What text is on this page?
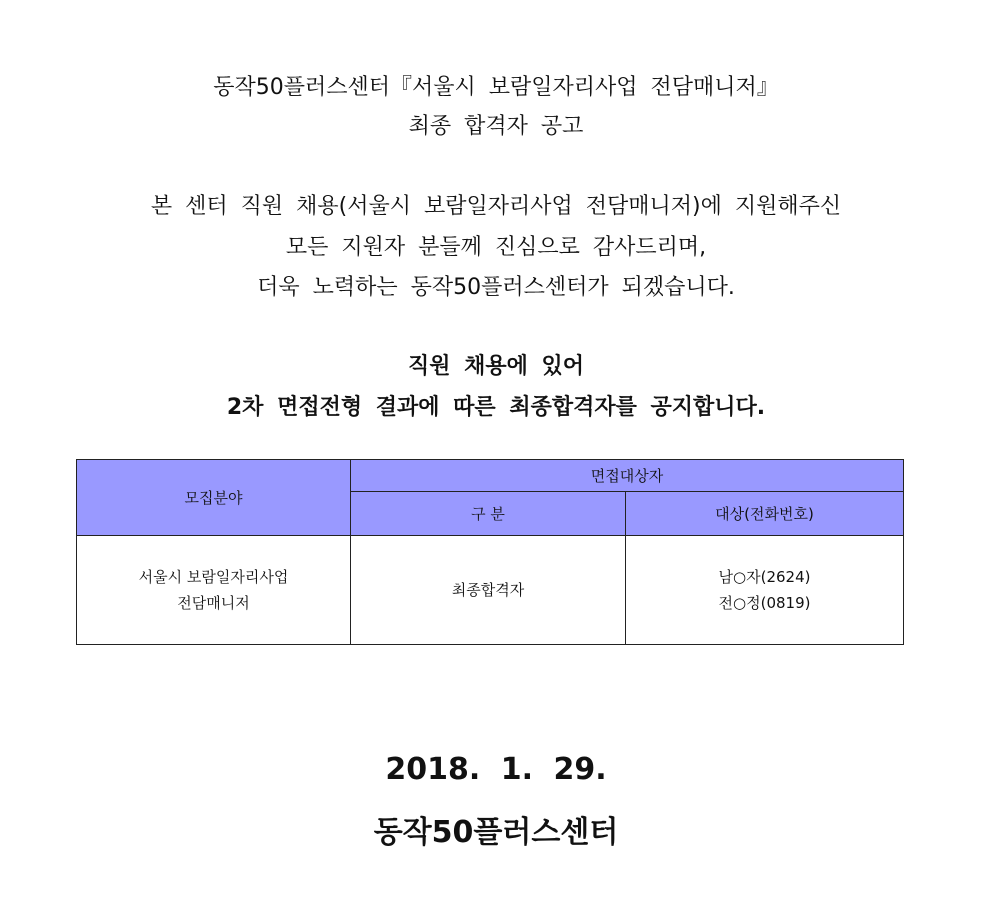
동작50플러스센터『서울시 보람일자리사업 전담매니저』
최종 합격자 공고
본 센터 직원 채용(서울시 보람일자리사업 전담매니저)에 지원해주신
모든 지원자 분들께 진심으로 감사드리며,
더욱 노력하는 동작50플러스센터가 되겠습니다.
직원 채용에 있어
2차 면접전형 결과에 따른 최종합격자를 공지합니다.
모집분야	면접대상자	
	구 분	대상(전화번호)

서울시 보람일자리사업
전담매니저	최종합격자	남○자(2624)
전○정(0819)
2018. 1. 29.
동작50플러스센터
